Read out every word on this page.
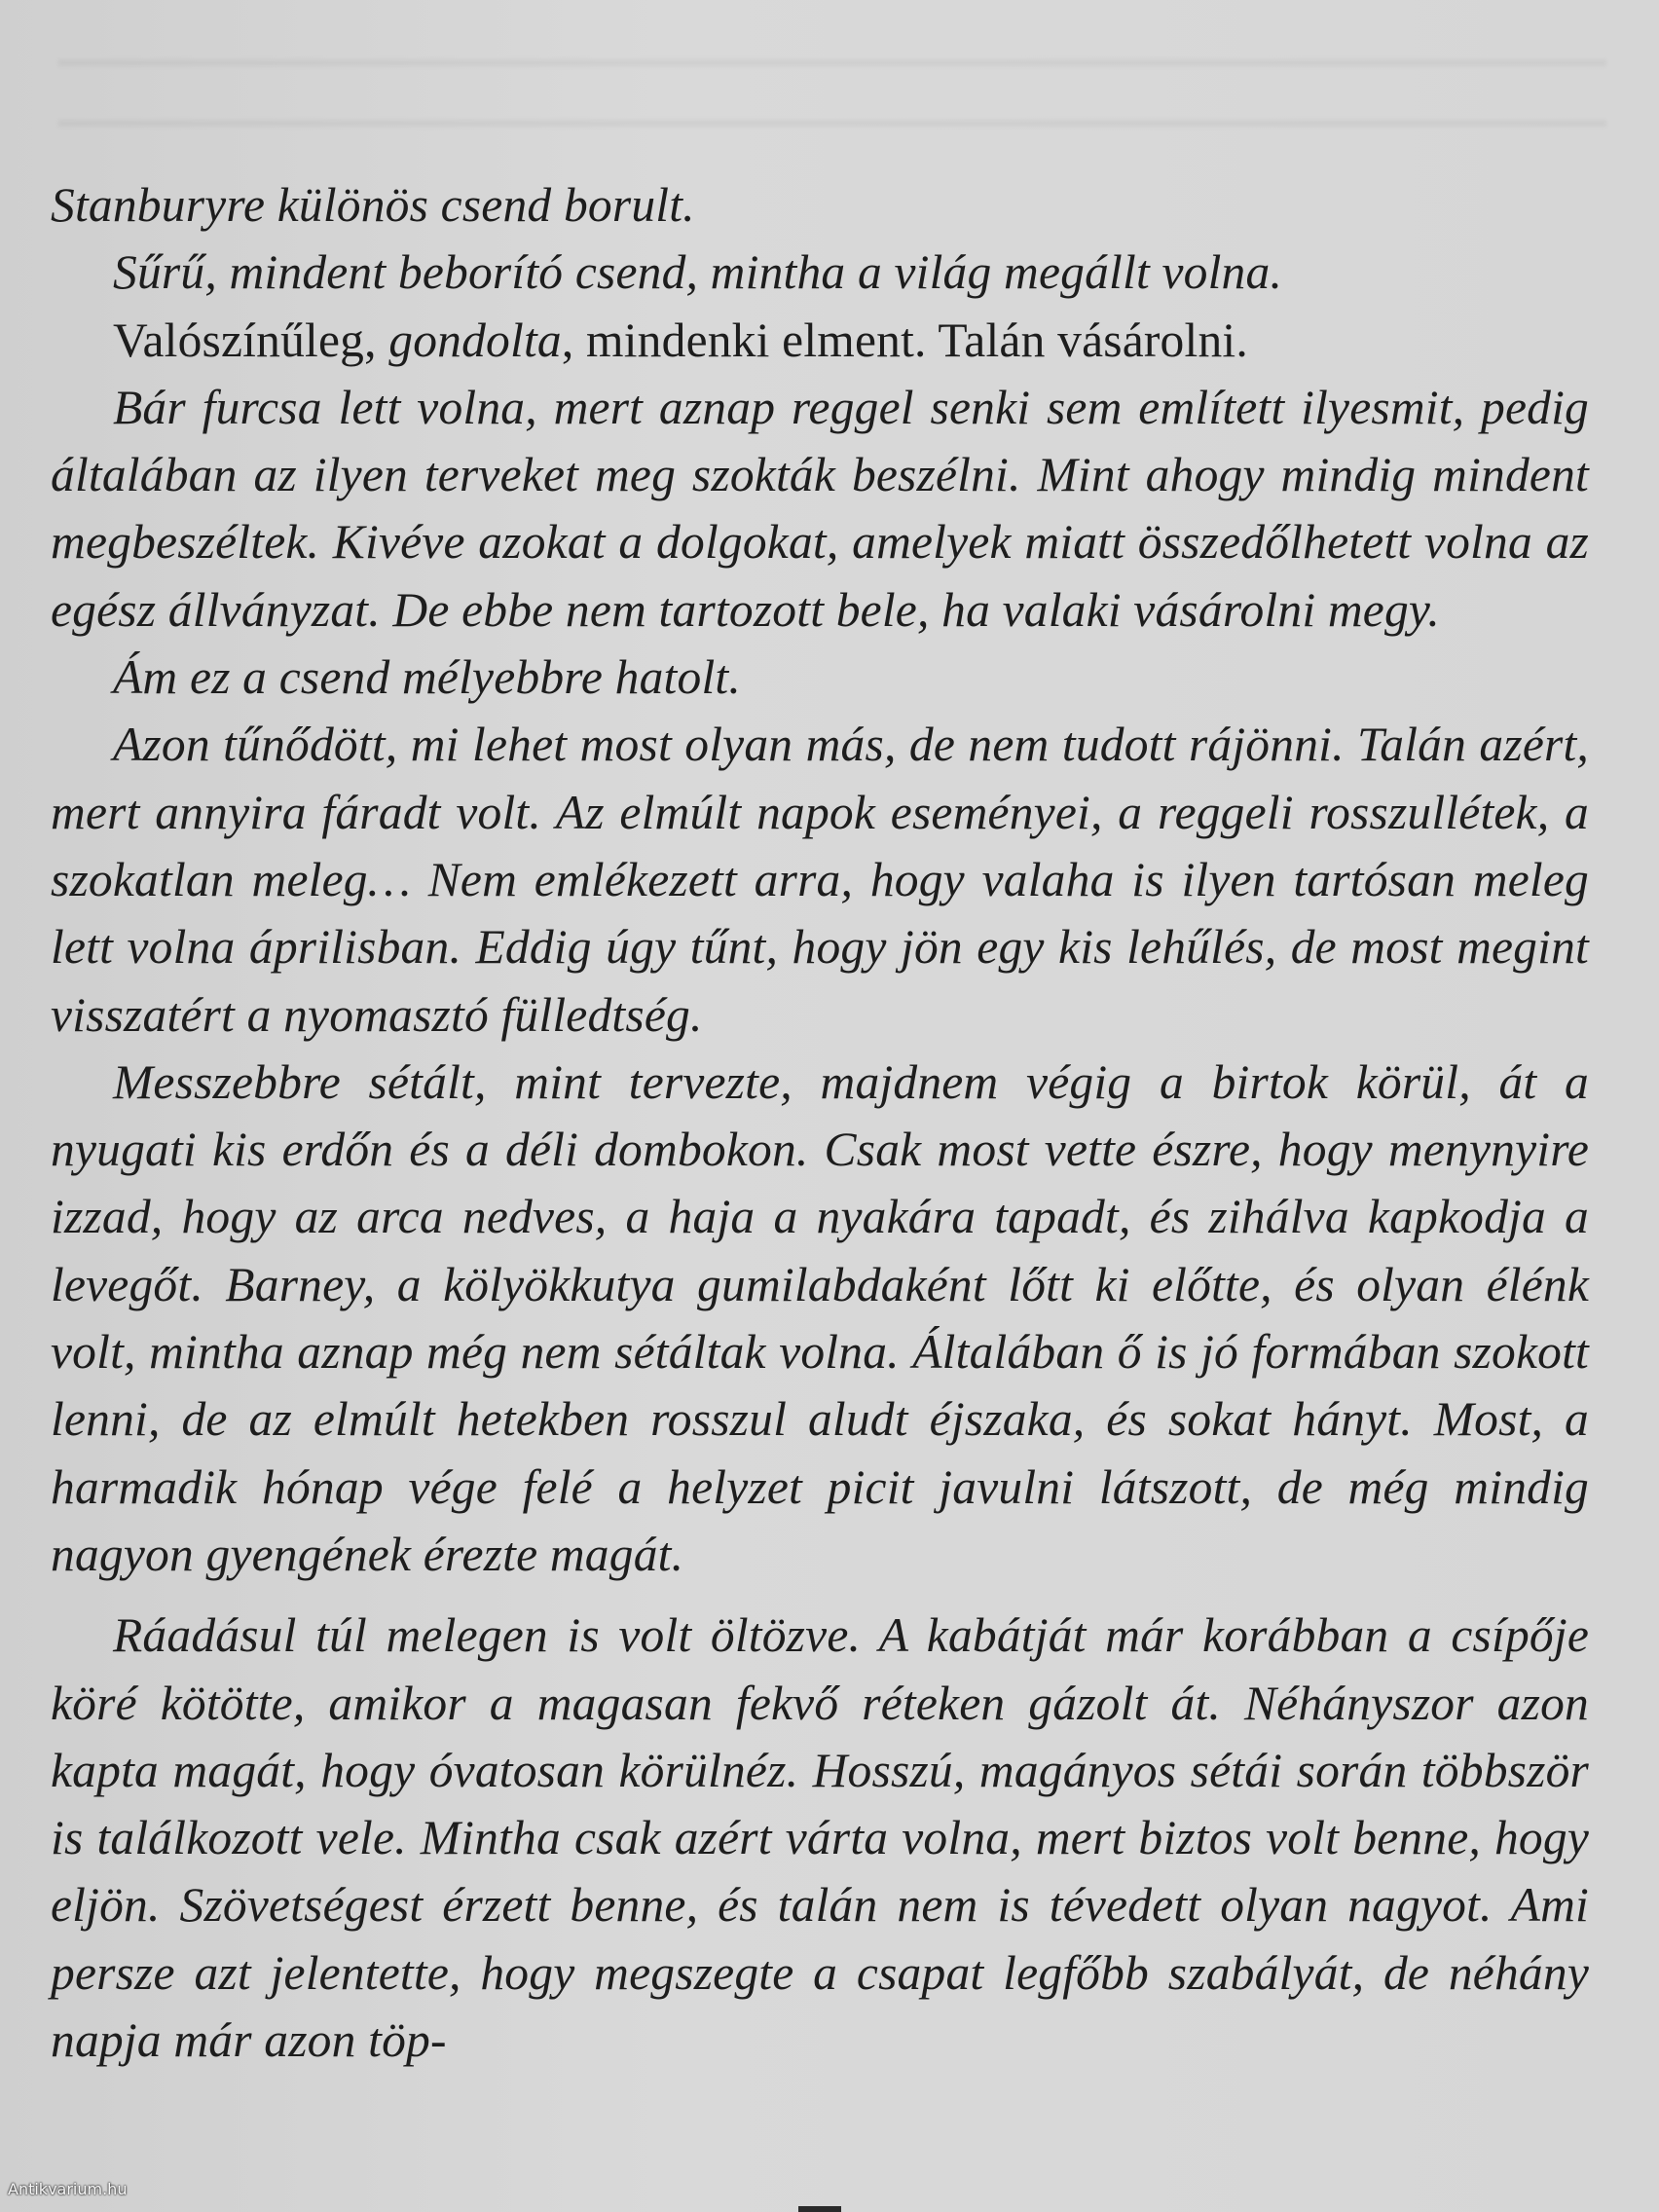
Stanburyre különös csend borult.

Sűrű, mindent beborító csend, mintha a világ megállt volna.

Valószínűleg, gondolta, mindenki elment. Talán vásárolni.

Bár furcsa lett volna, mert aznap reggel senki sem említett ilyesmit, pedig általában az ilyen terveket meg szokták beszélni. Mint ahogy mindig mindent megbeszéltek. Kivéve azokat a dolgokat, amelyek miatt összedőlhetett volna az egész állványzat. De ebbe nem tartozott bele, ha valaki vásárolni megy.

Ám ez a csend mélyebbre hatolt.

Azon tűnődött, mi lehet most olyan más, de nem tudott rájönni. Talán azért, mert annyira fáradt volt. Az elmúlt napok eseményei, a reggeli rosszullétek, a szokatlan meleg… Nem emlékezett arra, hogy valaha is ilyen tartósan meleg lett volna áprilisban. Eddig úgy tűnt, hogy jön egy kis lehűlés, de most megint visszatért a nyomasztó fülledtség.

Messzebbre sétált, mint tervezte, majdnem végig a birtok körül, át a nyugati kis erdőn és a déli dombokon. Csak most vette észre, hogy menynyire izzad, hogy az arca nedves, a haja a nyakára tapadt, és zihálva kapkodja a levegőt. Barney, a kölyökkutya gumilabdaként lőtt ki előtte, és olyan élénk volt, mintha aznap még nem sétáltak volna. Általában ő is jó formában szokott lenni, de az elmúlt hetekben rosszul aludt éjszaka, és sokat hányt. Most, a harmadik hónap vége felé a helyzet picit javulni látszott, de még mindig nagyon gyengének érezte magát.

Ráadásul túl melegen is volt öltözve. A kabátját már korábban a csípője köré kötötte, amikor a magasan fekvő réteken gázolt át. Néhányszor azon kapta magát, hogy óvatosan körülnéz. Hosszú, magányos sétái során többször is találkozott vele. Mintha csak azért várta volna, mert biztos volt benne, hogy eljön. Szövetségest érzett benne, és talán nem is tévedett olyan nagyot. Ami persze azt jelentette, hogy megszegte a csapat legfőbb szabályát, de néhány napja már azon töp-

Antikvarium.hu
